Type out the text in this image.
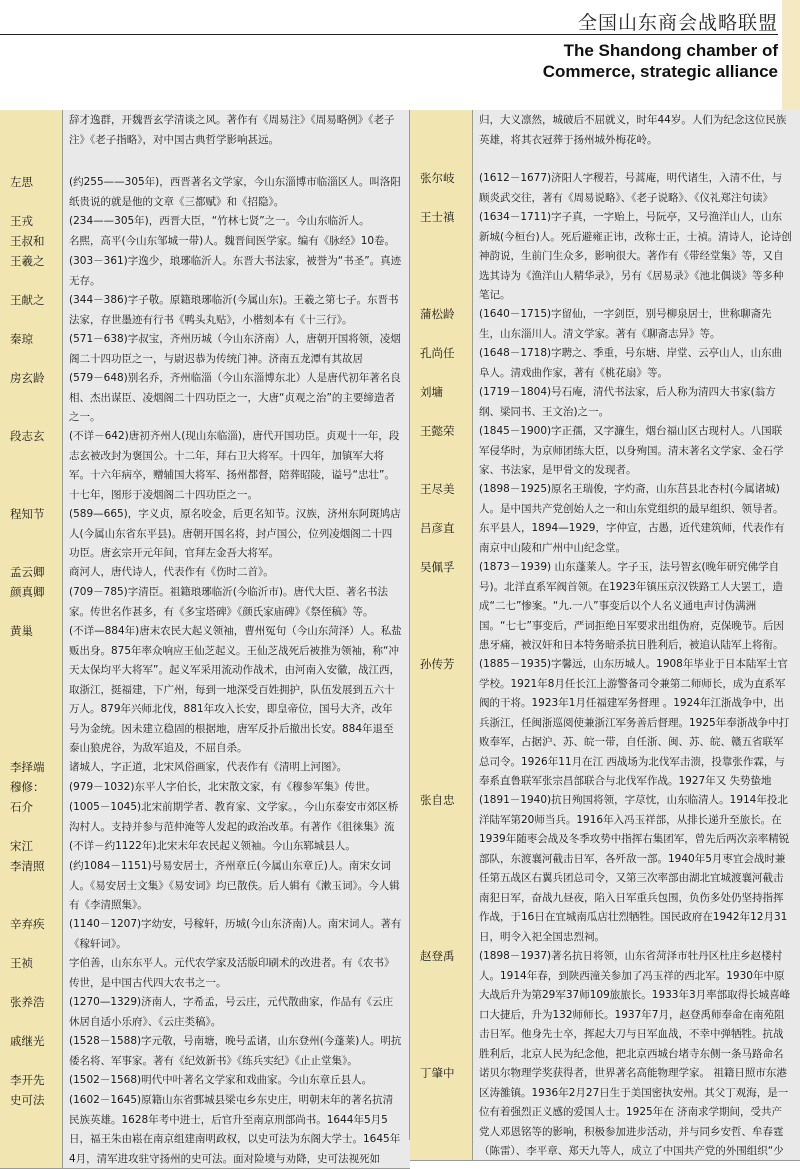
全国山东商会战略联盟
The Shandong chamber of
Commerce, strategic alliance
辞才逸群，开魏晋玄学清谈之风。著作有《周易注》《周易略例》《老子注》《老子指略》，对中国古典哲学影响甚远。
左思	(约255——305年)，西晋著名文学家，今山东淄博市临淄区人。叫洛阳纸贵说的就是他的文章《三都赋》和《招隐》。
王戎	(234——305年)，西晋大臣，“竹林七贤”之一。今山东临沂人。
王叔和	名熙，高平(今山东邹城一带)人。魏晋间医学家。编有《脉经》10卷。
王羲之	(303－361)字逸少，琅琊临沂人。东晋大书法家，被誉为“书圣”。真迹无存。
王献之	(344－386)字子敬。原籍琅琊临沂(今属山东)。王羲之第七子。东晋书法家，存世墨迹有行书《鸭头丸贴》，小楷刻本有《十三行》。
秦琼	(571－638)字叔宝，齐州历城（今山东济南）人，唐朝开国将领，凌烟阁二十四功臣之一，与尉迟恭为传统门神。济南五龙潭有其故居
房玄龄	(579－648)别名乔，齐州临淄（今山东淄博东北）人是唐代初年著名良相、杰出谋臣、凌烟阁二十四功臣之一，大唐“贞观之治”的主要缔造者之一。
段志玄	(不详－642)唐初齐州人(现山东临淄)，唐代开国功臣。贞观十一年，段志玄被改封为褒国公。十二年，拜右卫大将军。十四年，加镇军大将军。十六年病卒，赠辅国大将军、扬州都督，陪葬昭陵，谥号“忠壮”。十七年，图形于凌烟阁二十四功臣之一。
程知节	(589—665)，字义贞，原名咬金，后更名知节。汉族，济州东阿斑鸠店人(今属山东省东平县)。唐朝开国名将，封卢国公，位列凌烟阁二十四功臣。唐玄宗开元年间，官拜左金吾大将军。
孟云卿	商河人，唐代诗人，代表作有《伤时二首》。
颜真卿	(709－785)字清臣。祖籍琅琊临沂(今临沂市)。唐代大臣、著名书法家。传世名作甚多，有《多宝塔碑》《颜氏家庙碑》《祭侄稿》等。
黄巢	(不详—884年)唐末农民大起义领袖，曹州冤句（今山东菏泽）人。私盐贩出身。875年率众响应王仙芝起义。王仙芝战死后被推为领袖，称“冲天太保均平大将军”。起义军采用流动作战术，由河南入安徽，战江西，取浙江，挺福建，下广州，每到一地深受百姓拥护，队伍发展到五六十万人。879年兴师北伐，881年攻入长安，即皇帝位，国号大齐，改年号为金统。因未建立稳固的根据地，唐军反扑后撤出长安。884年退至泰山狼虎谷，为敌军追及，不屈自杀。
李择端	诸城人，字正道，北宋风俗画家，代表作有《清明上河图》。
穆修：	(979－1032)东平人字伯长，北宋散文家，有《穆参军集》传世。
石介	(1005－1045)北宋前期学者、教育家、文学家。，今山东泰安市郊区桥沟村人。支持并参与范仲淹等人发起的政治改革。有著作《徂徕集》流
宋江	(不详－约1122年)北宋末年农民起义领袖。今山东郓城县人。
李清照	(约1084－1151)号易安居士，齐州章丘(今属山东章丘)人。南宋女词人。《易安居士文集》《易安词》均已散佚。后人辑有《漱玉词》。今人辑有《李清照集》。
辛弃疾	(1140－1207)字幼安，号稼轩，历城(今山东济南)人。南宋词人。著有《稼轩词》。
王祯	字伯善，山东东平人。元代农学家及活版印刷术的改进者。有《农书》传世，是中国古代四大农书之一。
张养浩	(1270—1329)济南人，字希孟，号云庄，元代散曲家，作品有《云庄休居自适小乐府》、《云庄类稿》。
戚继光	(1528－1588)字元敬，号南塘，晚号孟诸，山东登州(今蓬莱)人。明抗倭名将、军事家。著有《纪效新书》《练兵实纪》《止止堂集》。
李开先	(1502－1568)明代中叶著名文学家和戏曲家。今山东章丘县人。
史可法	(1602－1645)原籍山东省鄄城县梁屯乡东史庄，明朝末年的著名抗清民族英雄。1628年考中进士，后官升至南京刑部尚书。1644年5月5日，福王朱由崧在南京组建南明政权，以史可法为东阁大学士。1645年4月，清军进攻驻守扬州的史可法。面对险境与劝降，史可法视死如
归，大义凛然，城破后不屈就义，时年44岁。人们为纪念这位民族英雄，将其衣冠葬于扬州城外梅花岭。
张尔岐	(1612－1677)济阳人字稷若，号蒿庵，明代诸生，入清不仕，与顾炎武交往，著有《周易说略》、《老子说略》、《仪礼郑注句读》
王士禛	(1634－1711)字子真，一字贻上，号阮亭，又号渔洋山人，山东新城(今桓台)人。死后避雍正讳，改称士正，士禎。清诗人，论诗创神韵说，生前门生众多，影响很大。著作有《带经堂集》等，又自选其诗为《渔洋山人精华录》，另有《居易录》《池北偶谈》等多种笔记。
蒲松龄	(1640－1715)字留仙，一字剑臣，别号柳泉居士，世称聊斋先生，山东淄川人。清文学家。著有《聊斋志异》等。
孔尚任	(1648－1718)字聘之、季重，号东塘、岸堂、云亭山人，山东曲阜人。清戏曲作家，著有《桃花扇》等。
刘墉	(1719－1804)号石庵，清代书法家，后人称为清四大书家(翁方纲、梁同书、王文治)之一。
王懿荣	(1845－1900)字正孺，又字濂生，烟台福山区古现村人。八国联军侵华时，为京师团练大臣，以身殉国。清末著名文学家、金石学家、书法家，是甲骨文的发现者。
王尽美	(1898－1925)原名王瑞俊，字灼斋，山东莒县北杏村(今属诸城)人。是中国共产党创始人之一和山东党组织的最早组织、领导者。
吕彦直	东平县人，1894—1929，字仲宣，古愚，近代建筑师，代表作有南京中山陵和广州中山纪念堂。
吴佩孚	(1873－1939) 山东蓬莱人。字子玉，法号智玄(晚年研究佛学自号)。北洋直系军阀首领。在1923年镇压京汉铁路工人大罢工，造成“二七”惨案。“九.一八”事变后以个人名义通电声讨伪满洲国。“七七”事变后，严词拒绝日军要求出组伪府，克保晚节。后因患牙痛，被汉奸和日本特务暗杀抗日胜利后，被追认陆军上将衔。
孙传芳	(1885－1935)字馨远，山东历城人。1908年毕业于日本陆军士官学校。1921年8月任长江上游警备司令兼第二师师长，成为直系军阀的干将。1923年1月任福建军务督理 。1924年江浙战争中，出兵浙江，任闽浙巡阅使兼浙江军务善后督理。1925年奉浙战争中打 败奉军，占据沪、苏、皖一带，自任浙、闽、苏、皖、赣五省联军总司令。1926年11月在江 西战场为北伐军击溃，投靠张作霖，与奉系直鲁联军张宗昌部联合与北伐军作战。1927年又 失势蛰地
张自忠	(1891－1940)抗日殉国将领，字荩忱，山东临清人。1914年投北洋陆军第20师当兵。1916年入冯玉祥部，从排长递升至旅长。在1939年随枣会战及冬季攻势中指挥右集团军，曾先后两次亲率精锐部队，东渡襄河截击日军，各歼敌一部。1940年5月枣宜会战时兼任第五战区右翼兵团总司令，又第三次率部由湖北宜城渡襄河截击南犯日军，奋战九昼夜，陷入日军重兵包围，负伤多处仍坚持指挥作战，于16日在宜城南瓜店壮烈牺牲。国民政府在1942年12月31日，明令入祀全国忠烈祠。
赵登禹	(1898－1937)著名抗日将领，山东省菏泽市牡丹区杜庄乡赵楼村人。1914年春，到陕西潼关参加了冯玉祥的西北军。1930年中原大战后升为第29军37师109旅旅长。1933年3月率部取得长城喜峰口大捷后，升为132师师长。1937年7月，赵登禹师奉命在南苑阻击日军。他身先士卒，挥起大刀与日军血战，不幸中弹牺牲。抗战胜利后，北京人民为纪念他，把北京西城台堵寺东侧一条马路命名
丁肇中	诺贝尔物理学奖获得者，世界著名高能物理学家。 祖籍日照市东港区涛雒镇。1936年2月27日生于美国密执安州。其父丁观海，是一位有着强烈正义感的爱国人士。1925年在 济南求学期间，受共产党人邓恩铭等的影响，积极参加进步活动，并与同乡安哲、牟春霆（陈雷）、李平章、郑天九等人，成立了中国共产党的外围组织“少
